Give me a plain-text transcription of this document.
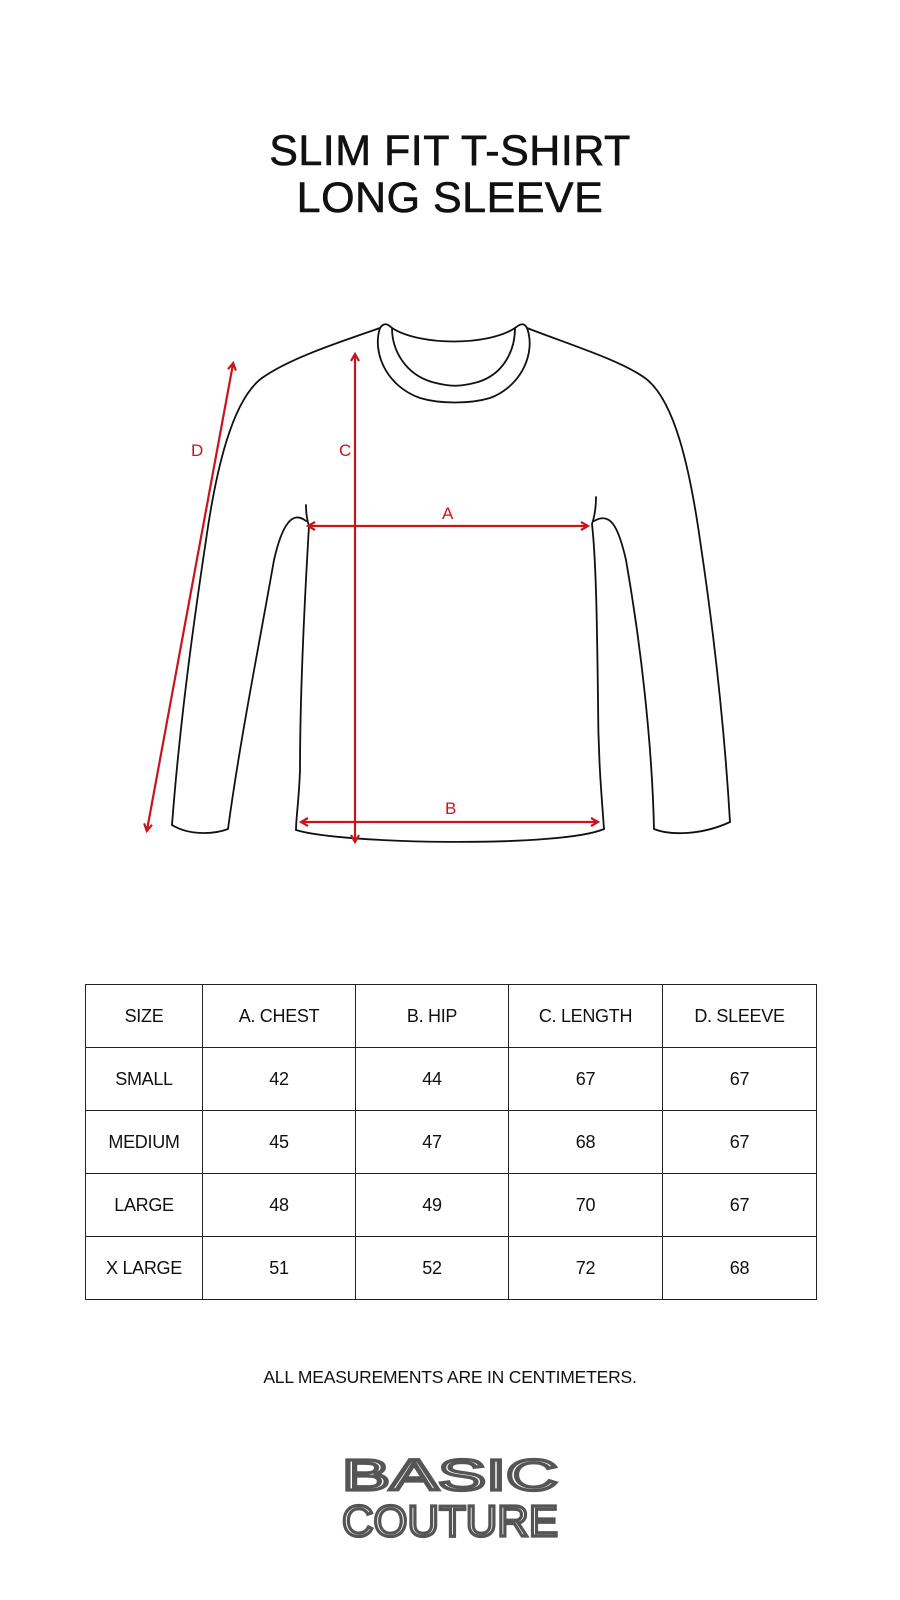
SLIM FIT T-SHIRT
LONG SLEEVE
D	C
A
B
SIZE	A. CHEST	B. HIP	C. LENGTH	D. SLEEVE
SMALL	42	44	67	67
MEDIUM	45	47	68	67
LARGE	48	49	70	67
X LARGE	51	52	72	68
ALL MEASUREMENTS ARE IN CENTIMETERS.
BASIC
COUTURE
